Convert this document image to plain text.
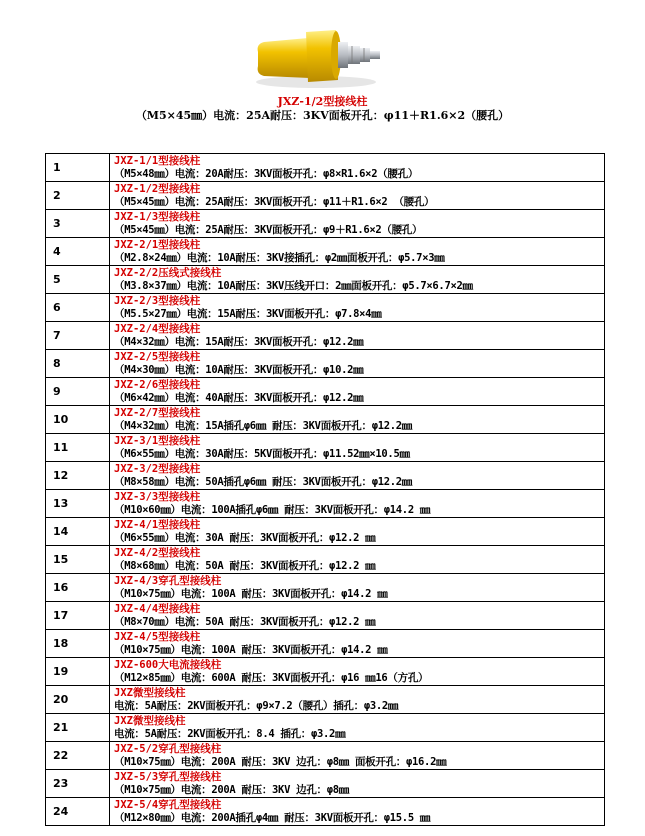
JXZ-1/2型接线柱
（M5×45㎜）电流：25A耐压：3KV面板开孔：φ11＋R1.6×2（腰孔）
1	JXZ-1/1型接线柱
（M5×48㎜）电流：20A耐压：3KV面板开孔：φ8×R1.6×2（腰孔）

2	JXZ-1/2型接线柱
（M5×45㎜）电流：25A耐压：3KV面板开孔：φ11＋R1.6×2 （腰孔）

3	JXZ-1/3型接线柱
（M5×45㎜）电流：25A耐压：3KV面板开孔：φ9＋R1.6×2（腰孔）

4	JXZ-2/1型接线柱
（M2.8×24㎜）电流：10A耐压：3KV接插孔：φ2㎜面板开孔：φ5.7×3㎜

5	JXZ-2/2压线式接线柱
（M3.8×37㎜）电流：10A耐压：3KV压线开口：2㎜面板开孔：φ5.7×6.7×2㎜

6	JXZ-2/3型接线柱
（M5.5×27㎜）电流：15A耐压：3KV面板开孔：φ7.8×4㎜

7	JXZ-2/4型接线柱
（M4×32㎜）电流：15A耐压：3KV面板开孔：φ12.2㎜

8	JXZ-2/5型接线柱
（M4×30㎜）电流：10A耐压：3KV面板开孔：φ10.2㎜

9	JXZ-2/6型接线柱
（M6×42㎜）电流：40A耐压：3KV面板开孔：φ12.2㎜

10	JXZ-2/7型接线柱
（M4×32㎜）电流：15A插孔φ6㎜ 耐压：3KV面板开孔：φ12.2㎜

11	JXZ-3/1型接线柱
（M6×55㎜）电流：30A耐压：5KV面板开孔：φ11.52㎜×10.5㎜

12	JXZ-3/2型接线柱
（M8×58㎜）电流：50A插孔φ6㎜ 耐压：3KV面板开孔：φ12.2㎜

13	JXZ-3/3型接线柱
（M10×60㎜）电流：100A插孔φ6㎜ 耐压：3KV面板开孔：φ14.2 ㎜

14	JXZ-4/1型接线柱
（M6×55㎜）电流：30A 耐压：3KV面板开孔：φ12.2 ㎜

15	JXZ-4/2型接线柱
（M8×68㎜）电流：50A 耐压：3KV面板开孔：φ12.2 ㎜

16	JXZ-4/3穿孔型接线柱
（M10×75㎜）电流：100A 耐压：3KV面板开孔：φ14.2 ㎜

17	JXZ-4/4型接线柱
（M8×70㎜）电流：50A 耐压：3KV面板开孔：φ12.2 ㎜

18	JXZ-4/5型接线柱
（M10×75㎜）电流：100A 耐压：3KV面板开孔：φ14.2 ㎜

19	JXZ-600大电流接线柱
（M12×85㎜）电流：600A 耐压：3KV面板开孔：φ16 ㎜16（方孔）

20	JXZ微型接线柱
电流：5A耐压：2KV面板开孔：φ9×7.2（腰孔）插孔：φ3.2㎜

21	JXZ微型接线柱
电流：5A耐压：2KV面板开孔：8.4 插孔：φ3.2㎜

22	JXZ-5/2穿孔型接线柱
（M10×75㎜）电流：200A 耐压：3KV 边孔：φ8㎜ 面板开孔：φ16.2㎜

23	JXZ-5/3穿孔型接线柱
（M10×75㎜）电流：200A 耐压：3KV 边孔：φ8㎜

24	JXZ-5/4穿孔型接线柱
（M12×80㎜）电流：200A插孔φ4㎜ 耐压：3KV面板开孔：φ15.5 ㎜
